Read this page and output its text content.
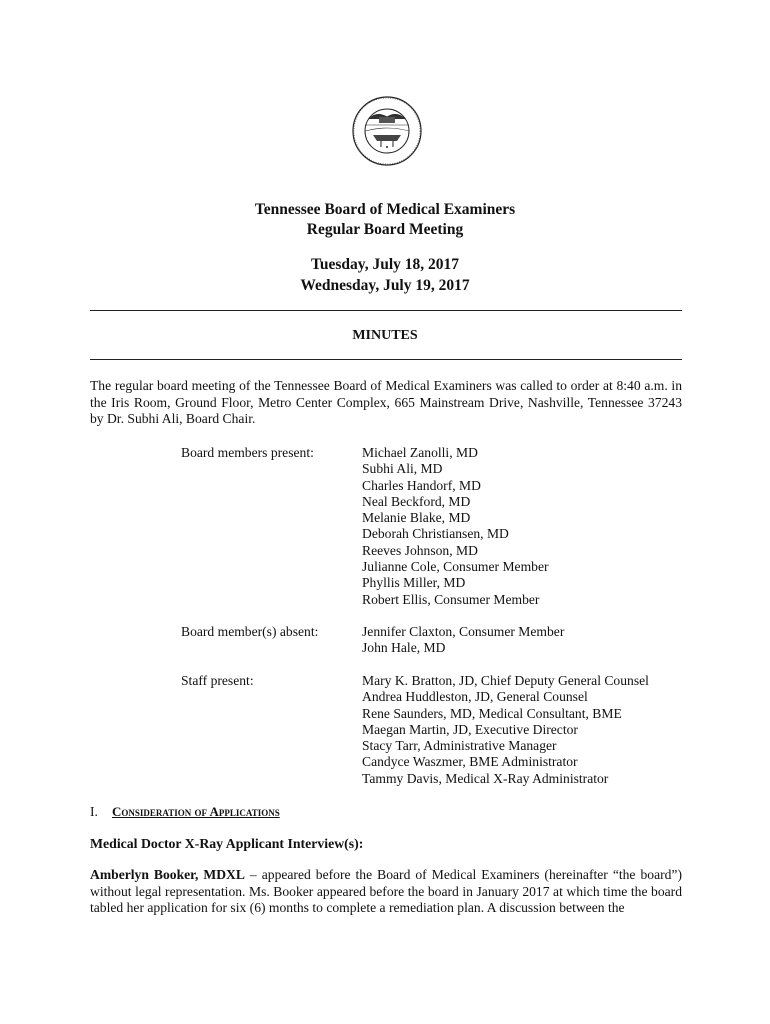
Tennessee Board of Medical Examiners
Regular Board Meeting
Tuesday, July 18, 2017
Wednesday, July 19, 2017
MINUTES
The regular board meeting of the Tennessee Board of Medical Examiners was called to order at 8:40 a.m. in the Iris Room, Ground Floor, Metro Center Complex, 665 Mainstream Drive, Nashville, Tennessee 37243 by Dr. Subhi Ali, Board Chair.
Board members present:	Michael Zanolli, MD
Subhi Ali, MD
Charles Handorf, MD
Neal Beckford, MD
Melanie Blake, MD
Deborah Christiansen, MD
Reeves Johnson, MD
Julianne Cole, Consumer Member
Phyllis Miller, MD
Robert Ellis, Consumer Member
Board member(s) absent:	Jennifer Claxton, Consumer Member
John Hale, MD
Staff present:	Mary K. Bratton, JD, Chief Deputy General Counsel
Andrea Huddleston, JD, General Counsel
Rene Saunders, MD, Medical Consultant, BME
Maegan Martin, JD, Executive Director
Stacy Tarr, Administrative Manager
Candyce Waszmer, BME Administrator
Tammy Davis, Medical X-Ray Administrator
I. Consideration of Applications
Medical Doctor X-Ray Applicant Interview(s):
Amberlyn Booker, MDXL – appeared before the Board of Medical Examiners (hereinafter “the board”) without legal representation. Ms. Booker appeared before the board in January 2017 at which time the board tabled her application for six (6) months to complete a remediation plan. A discussion between the
